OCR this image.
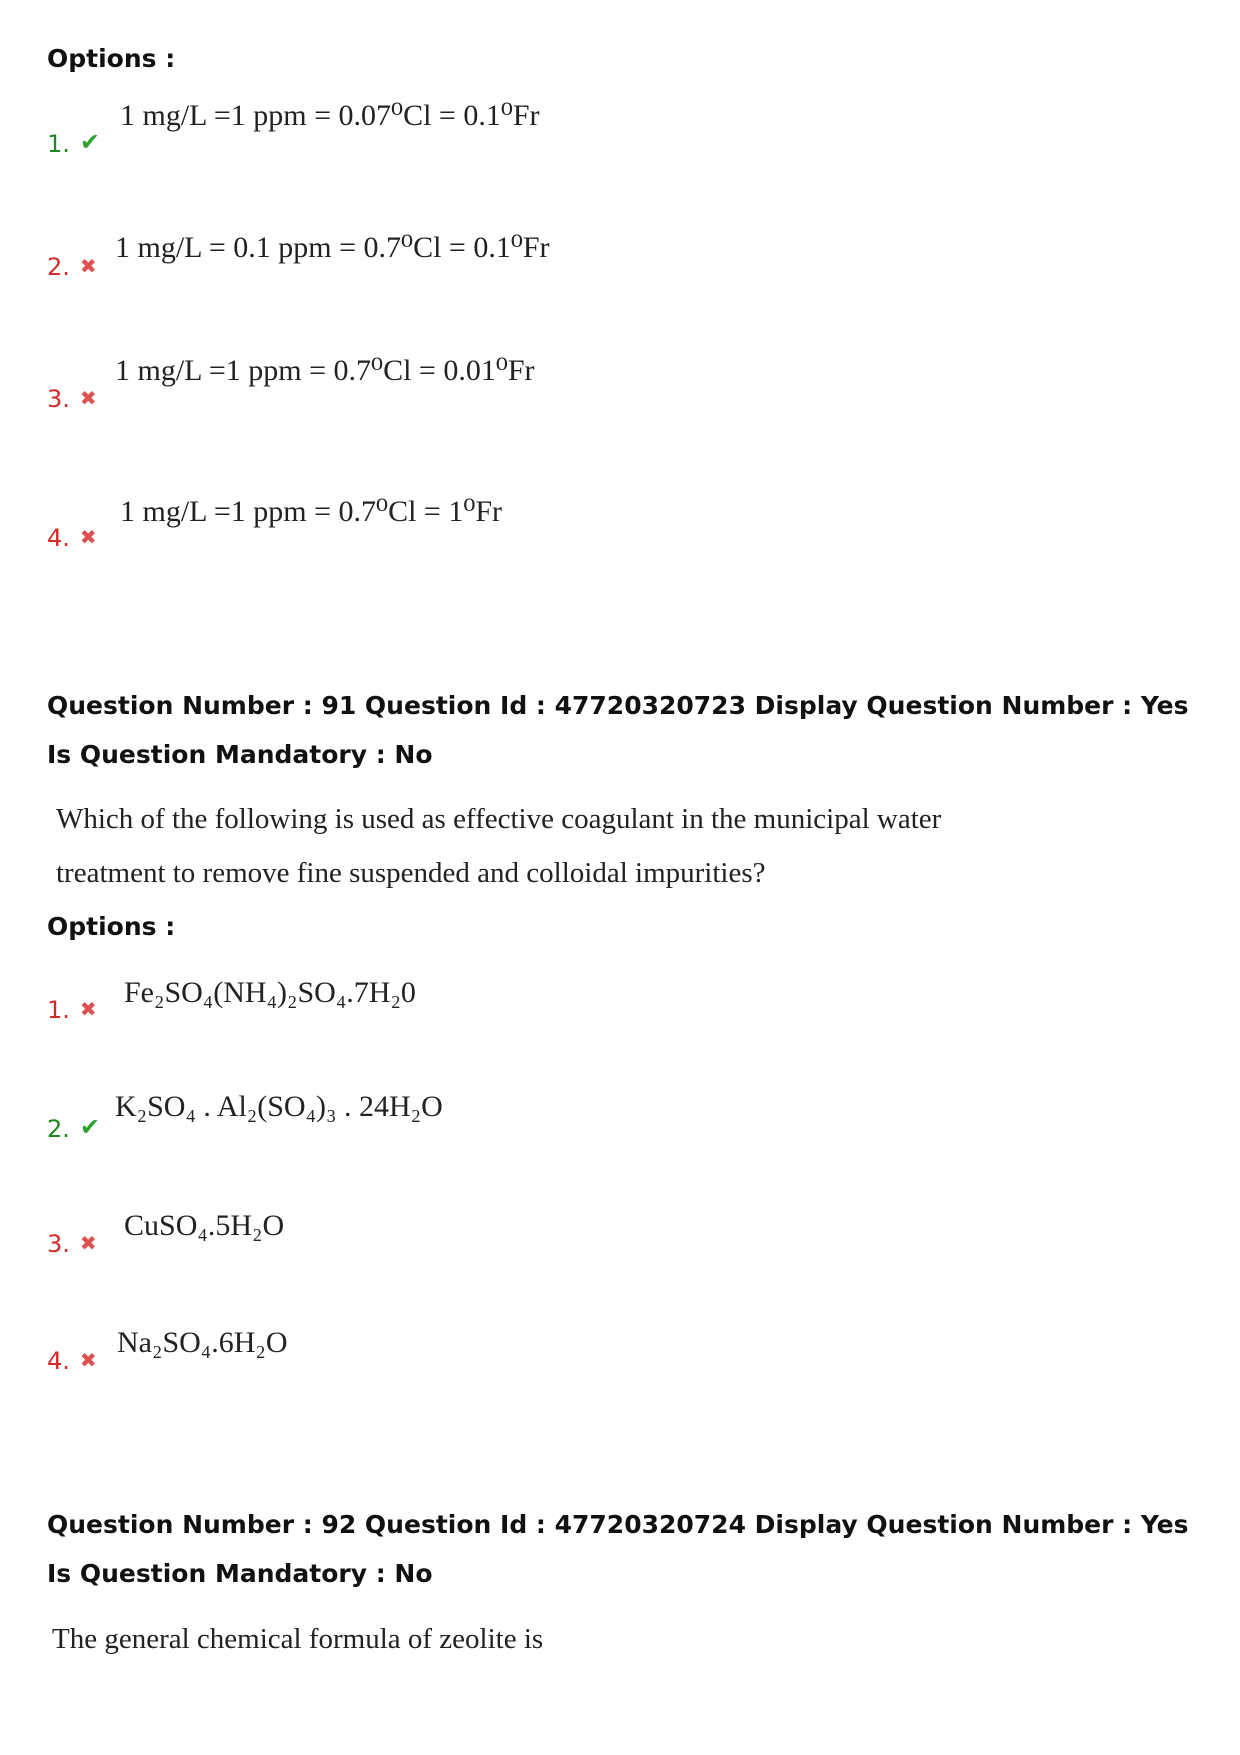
Options :
1. ✔
1 mg/L =1 ppm = 0.07⁰Cl = 0.1⁰Fr
2. ✖
1 mg/L = 0.1 ppm = 0.7⁰Cl = 0.1⁰Fr
3. ✖
1 mg/L =1 ppm = 0.7⁰Cl = 0.01⁰Fr
4. ✖
1 mg/L =1 ppm = 0.7⁰Cl = 1⁰Fr
Question Number : 91 Question Id : 47720320723 Display Question Number : Yes Is Question Mandatory : No
Which of the following is used as effective coagulant in the municipal water
treatment to remove fine suspended and colloidal impurities?
Options :
1. ✖ Fe₂SO₄(NH₄)₂SO₄.7H₂0
2. ✔
K₂SO₄ . Al₂(SO₄)₃ . 24H₂O
3. ✖
CuSO₄.5H₂O
4. ✖
Na₂SO₄.6H₂O
Question Number : 92 Question Id : 47720320724 Display Question Number : Yes Is Question Mandatory : No
The general chemical formula of zeolite is
